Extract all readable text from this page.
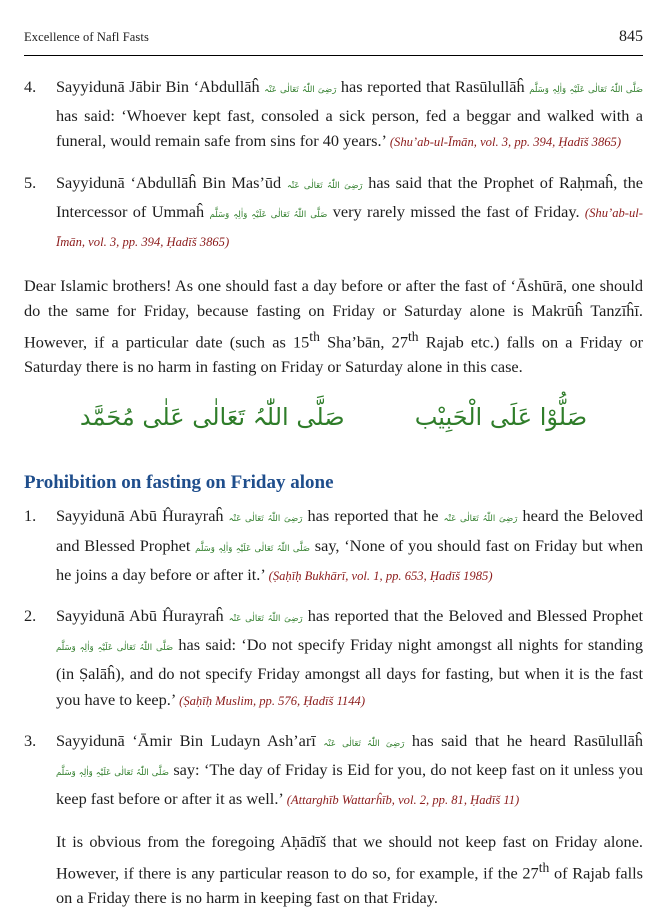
Excellence of Nafl Fasts	845
4.	Sayyidunā Jābir Bin ‘Abdullāĥ رَضِیَ اللّٰہُ تَعَالٰی عَنْہ has reported that Rasūlullāĥ صَلَّى اللّٰہُ تَعَالٰی عَلَیْہِ وَاٰلِہٖ وَسَلَّم has said: ‘Whoever kept fast, consoled a sick person, fed a beggar and walked with a funeral, would remain safe from sins for 40 years.’ (Shu’ab-ul-Īmān, vol. 3, pp. 394, Ḥadīš 3865)
5.	Sayyidunā ‘Abdullāĥ Bin Mas’ūd رَضِیَ اللّٰہُ تَعَالٰی عَنْہ has said that the Prophet of Raḥmaĥ, the Intercessor of Ummaĥ صَلَّى اللّٰہُ تَعَالٰی عَلَیْہِ وَاٰلِہٖ وَسَلَّم very rarely missed the fast of Friday. (Shu’ab-ul-Īmān, vol. 3, pp. 394, Ḥadīš 3865)
Dear Islamic brothers! As one should fast a day before or after the fast of ‘Āshūrā, one should do the same for Friday, because fasting on Friday or Saturday alone is Makrūĥ Tanzīĥī. However, if a particular date (such as 15th Sha’bān, 27th Rajab etc.) falls on a Friday or Saturday there is no harm in fasting on Friday or Saturday alone in this case.
صَلُّوْا عَلَی الْحَبِیْب
صَلَّی اللّٰہُ تَعَالٰی عَلٰی مُحَمَّد
Prohibition on fasting on Friday alone
1.	Sayyidunā Abū Ĥurayraĥ رَضِیَ اللّٰہُ تَعَالٰی عَنْہ has reported that he رَضِیَ اللّٰہُ تَعَالٰی عَنْہ heard the Beloved and Blessed Prophet صَلَّى اللّٰہُ تَعَالٰی عَلَیْہِ وَاٰلِہٖ وَسَلَّم say, ‘None of you should fast on Friday but when he joins a day before or after it.’ (Ṣaḥīḥ Bukhārī, vol. 1, pp. 653, Ḥadīš 1985)
2.	Sayyidunā Abū Ĥurayraĥ رَضِیَ اللّٰہُ تَعَالٰی عَنْہ has reported that the Beloved and Blessed Prophet صَلَّى اللّٰہُ تَعَالٰی عَلَیْہِ وَاٰلِہٖ وَسَلَّم has said: ‘Do not specify Friday night amongst all nights for standing (in Ṣalāĥ), and do not specify Friday amongst all days for fasting, but when it is the fast you have to keep.’ (Ṣaḥīḥ Muslim, pp. 576, Ḥadīš 1144)
3.	Sayyidunā ‘Āmir Bin Ludayn Ash’arī رَضِیَ اللّٰہُ تَعَالٰی عَنْہ has said that he heard Rasūlullāĥ صَلَّى اللّٰہُ تَعَالٰی عَلَیْہِ وَاٰلِہٖ وَسَلَّم say: ‘The day of Friday is Eid for you, do not keep fast on it unless you keep fast before or after it as well.’ (Attarghīb Wattarĥīb, vol. 2, pp. 81, Ḥadīš 11)
It is obvious from the foregoing Aḥādīš that we should not keep fast on Friday alone. However, if there is any particular reason to do so, for example, if the 27th of Rajab falls on a Friday there is no harm in keeping fast on that Friday.
